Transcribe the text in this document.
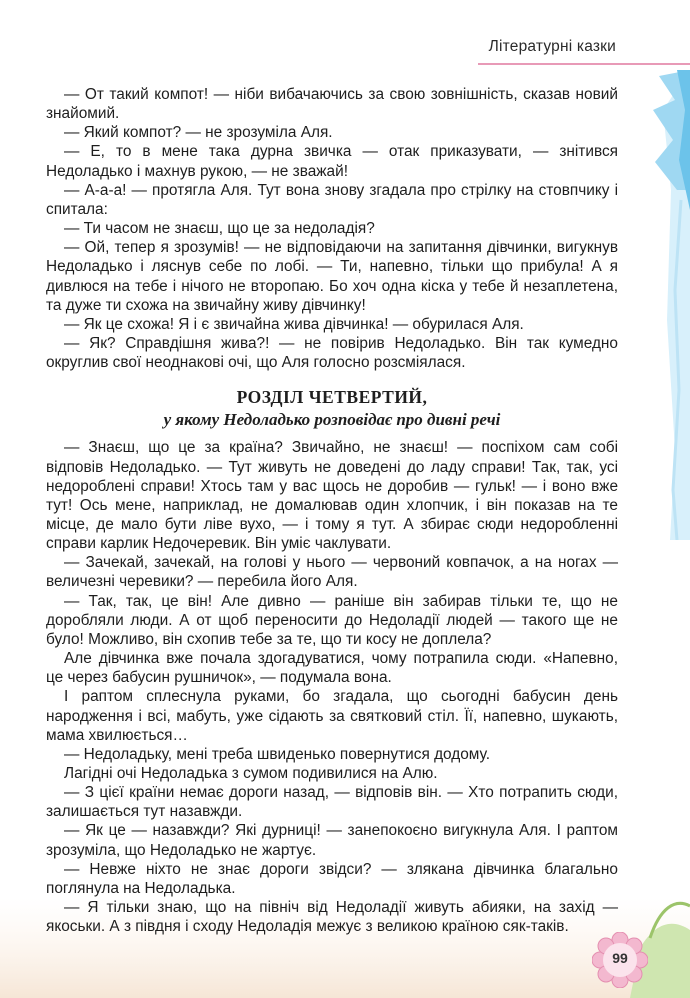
Літературні казки

— От такий компот! — ніби вибачаючись за свою зовнішність, сказав новий знайомий.

— Який компот? — не зрозуміла Аля.

— Е, то в мене така дурна звичка — отак приказувати, — знітився Недоладько і махнув рукою, — не зважай!

— А-а-а! — протягла Аля. Тут вона знову згадала про стрілку на стовпчику і спитала:

— Ти часом не знаєш, що це за недоладія?

— Ой, тепер я зрозумів! — не відповідаючи на запитання дівчинки, вигукнув Недоладько і ляснув себе по лобі. — Ти, напевно, тільки що прибула! А я дивлюся на тебе і нічого не второпаю. Бо хоч одна кіска у тебе й незаплетена, та дуже ти схожа на звичайну живу дівчинку!

— Як це схожа! Я і є звичайна жива дівчинка! — обурилася Аля.

— Як? Справдішня жива?! — не повірив Недоладько. Він так кумедно округлив свої неоднакові очі, що Аля голосно розсміялася.

РОЗДІЛ ЧЕТВЕРТИЙ,
у якому Недоладько розповідає про дивні речі

— Знаєш, що це за країна? Звичайно, не знаєш! — поспіхом сам собі відповів Недоладько. — Тут живуть не доведені до ладу справи! Так, так, усі недороблені справи! Хтось там у вас щось не доробив — гульк! — і воно вже тут! Ось мене, наприклад, не домалював один хлопчик, і він показав на те місце, де мало бути ліве вухо, — і тому я тут. А збирає сюди недоробленні справи карлик Недочеревик. Він уміє чаклувати.

— Зачекай, зачекай, на голові у нього — червоний ковпачок, а на ногах — величезні черевики? — перебила його Аля.

— Так, так, це він! Але дивно — раніше він забирав тільки те, що не доробляли люди. А от щоб переносити до Недоладії людей — такого ще не було! Можливо, він схопив тебе за те, що ти косу не доплела?

Але дівчинка вже почала здогадуватися, чому потрапила сюди. «Напевно, це через бабусин рушничок», — подумала вона.

І раптом сплеснула руками, бо згадала, що сьогодні бабусин день народження і всі, мабуть, уже сідають за святковий стіл. Її, напевно, шукають, мама хвилюється…

— Недоладьку, мені треба швиденько повернутися додому.

Лагідні очі Недоладька з сумом подивилися на Алю.

— З цієї країни немає дороги назад, — відповів він. — Хто потрапить сюди, залишається тут назавжди.

— Як це — назавжди? Які дурниці! — занепокоєно вигукнула Аля. І раптом зрозуміла, що Недоладько не жартує.

— Невже ніхто не знає дороги звідси? — злякана дівчинка благально поглянула на Недоладька.

— Я тільки знаю, що на північ від Недоладії живуть абияки, на захід — якоськи. А з півдня і сходу Недоладія межує з великою країною сяк-таків.

99
